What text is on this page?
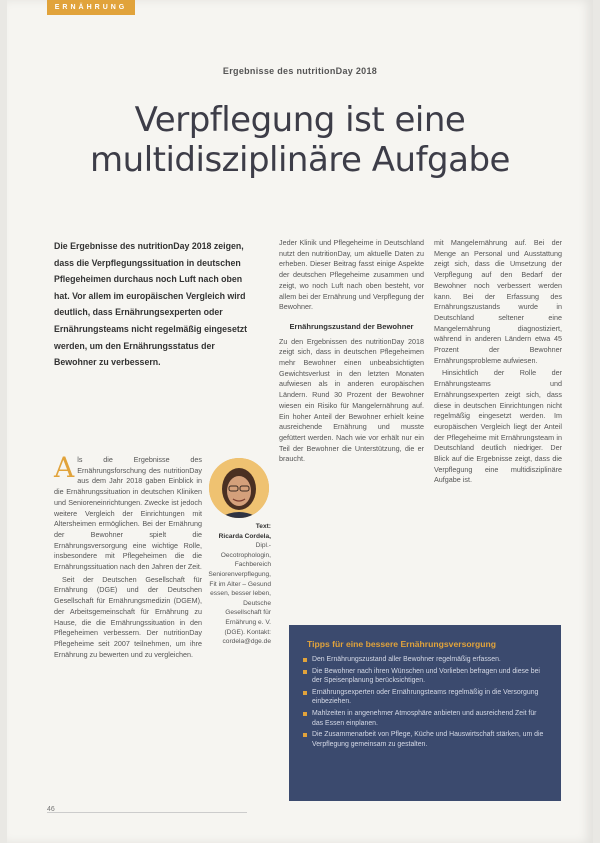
ERNÄHRUNG
Ergebnisse des nutritionDay 2018
Verpflegung ist eine
multidisziplinäre Aufgabe
Die Ergebnisse des nutritionDay 2018 zeigen, dass die Verpflegungssituation in deutschen Pflegeheimen durchaus noch Luft nach oben hat. Vor allem im europäischen Vergleich wird deutlich, dass Ernährungsexperten oder Ernährungsteams nicht regelmäßig eingesetzt werden, um den Ernährungsstatus der Bewohner zu verbessern.

Als die Ergebnisse des Ernährungsforschung des nutritionDay aus dem Jahr 2018 gaben Einblick in die Ernährungssituation in deutschen Kliniken und Senioreneinrichtungen. Zwecke ist jedoch weitere Vergleich der Einrichtungen mit Altersheimen ermöglichen. Bei der Ernährung der Bewohner spielt die Ernährungsversorgung eine wichtige Rolle, insbesondere mit Pflegeheimen die die Ernährungssituation nach den Jahren der Zeit.

Seit der Deutschen Gesellschaft für Ernährung (DGE) und der Deutschen Gesellschaft für Ernährungsmedizin (DGEM), der Arbeitsgemeinschaft für Ernährung zu Hause, die die Ernährungssituation in den Pflegeheimen verbessern. Der nutritionDay Pflegeheime seit 2007 teilnehmen, um ihre Ernährung zu bewerten und zu vergleichen.

Text:
Ricarda Cordela,
Dipl.-Oecotrophologin, Fachbereich Seniorenverpflegung, Fit im Alter – Gesund essen, besser leben, Deutsche Gesellschaft für Ernährung e. V. (DGE). Kontakt: cordela@dge.de

Jeder Klinik und Pflegeheime in Deutschland nutzt den nutritionDay, um aktuelle Daten zu erheben. Dieser Beitrag fasst einige Aspekte der deutschen Pflegeheime zusammen und zeigt, wo noch Luft nach oben besteht, vor allem bei der Ernährung und Verpflegung der Bewohner.

Ernährungszustand der Bewohner

Zu den Ergebnissen des nutritionDay 2018 zeigt sich, dass in deutschen Pflegeheimen mehr Bewohner einen unbeabsichtigten Gewichtsverlust in den letzten Monaten aufwiesen als in anderen europäischen Ländern. Rund 30 Prozent der Bewohner wiesen ein Risiko für Mangelernährung auf. Ein hoher Anteil der Bewohner erhielt keine ausreichende Ernährung und musste gefüttert werden. Nach wie vor erhält nur ein Teil der Bewohner die Unterstützung, die er braucht.

mit Mangelernährung auf. Bei der Menge an Personal und Ausstattung zeigt sich, dass die Umsetzung der Verpflegung auf den Bedarf der Bewohner noch verbessert werden kann. Bei der Erfassung des Ernährungszustands wurde in Deutschland seltener eine Mangelernährung diagnostiziert, während in anderen Ländern etwa 45 Prozent der Bewohner Ernährungsprobleme aufwiesen.

Hinsichtlich der Rolle der Ernährungsteams und Ernährungsexperten zeigt sich, dass diese in deutschen Einrichtungen nicht regelmäßig eingesetzt werden. Im europäischen Vergleich liegt der Anteil der Pflegeheime mit Ernährungsteam in Deutschland deutlich niedriger. Der Blick auf die Ergebnisse zeigt, dass die Verpflegung eine multidisziplinäre Aufgabe ist.

Tipps für eine bessere Ernährungsversorgung
Den Ernährungszustand aller Bewohner regelmäßig erfassen.
Die Bewohner nach ihren Wünschen und Vorlieben befragen und diese bei der Speisenplanung berücksichtigen.
Ernährungsexperten oder Ernährungsteams regelmäßig in die Versorgung einbeziehen.
Mahlzeiten in angenehmer Atmosphäre anbieten und ausreichend Zeit für das Essen einplanen.
Die Zusammenarbeit von Pflege, Küche und Hauswirtschaft stärken, um die Verpflegung gemeinsam zu gestalten.
46
